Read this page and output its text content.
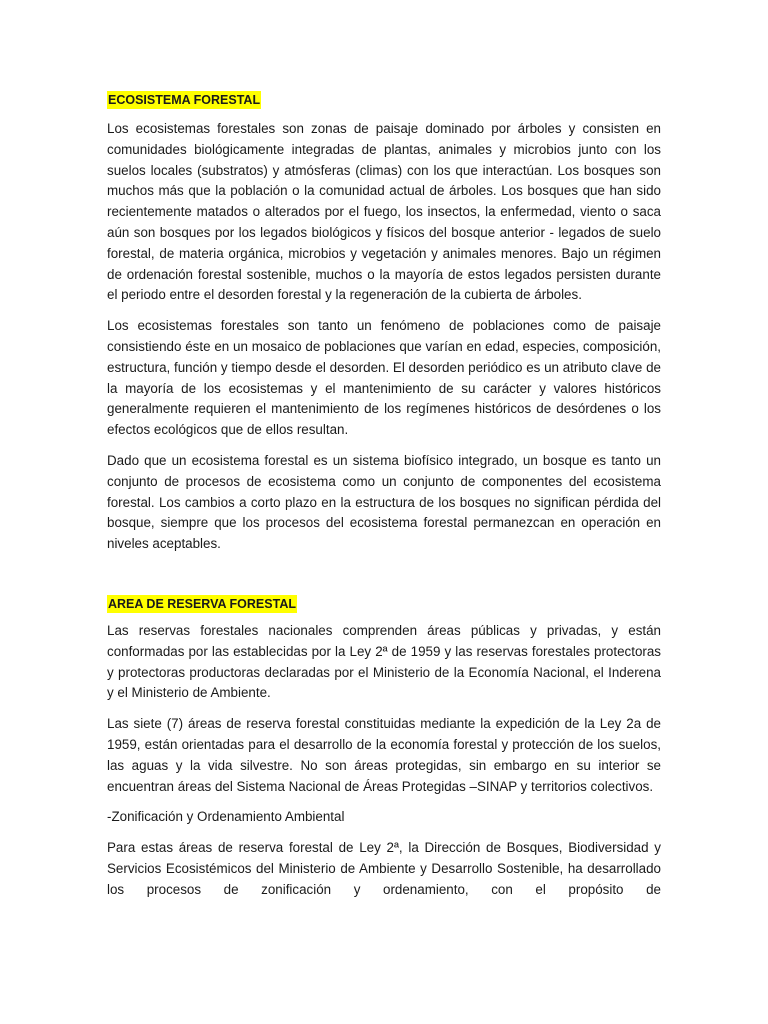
ECOSISTEMA FORESTAL

Los ecosistemas forestales son zonas de paisaje dominado por árboles y consisten en comunidades biológicamente integradas de plantas, animales y microbios junto con los suelos locales (substratos) y atmósferas (climas) con los que interactúan. Los bosques son muchos más que la población o la comunidad actual de árboles. Los bosques que han sido recientemente matados o alterados por el fuego, los insectos, la enfermedad, viento o saca aún son bosques por los legados biológicos y físicos del bosque anterior - legados de suelo forestal, de materia orgánica, microbios y vegetación y animales menores. Bajo un régimen de ordenación forestal sostenible, muchos o la mayoría de estos legados persisten durante el periodo entre el desorden forestal y la regeneración de la cubierta de árboles.

Los ecosistemas forestales son tanto un fenómeno de poblaciones como de paisaje consistiendo éste en un mosaico de poblaciones que varían en edad, especies, composición, estructura, función y tiempo desde el desorden. El desorden periódico es un atributo clave de la mayoría de los ecosistemas y el mantenimiento de su carácter y valores históricos generalmente requieren el mantenimiento de los regímenes históricos de desórdenes o los efectos ecológicos que de ellos resultan.

Dado que un ecosistema forestal es un sistema biofísico integrado, un bosque es tanto un conjunto de procesos de ecosistema como un conjunto de componentes del ecosistema forestal. Los cambios a corto plazo en la estructura de los bosques no significan pérdida del bosque, siempre que los procesos del ecosistema forestal permanezcan en operación en niveles aceptables.

AREA DE RESERVA FORESTAL

Las reservas forestales nacionales comprenden áreas públicas y privadas, y están conformadas por las establecidas por la Ley 2ª de 1959 y las reservas forestales protectoras y protectoras productoras declaradas por el Ministerio de la Economía Nacional, el Inderena y el Ministerio de Ambiente.

Las siete (7) áreas de reserva forestal constituidas mediante la expedición de la Ley 2a de 1959, están orientadas para el desarrollo de la economía forestal y protección de los suelos, las aguas y la vida silvestre. No son áreas protegidas, sin embargo en su interior se encuentran áreas del Sistema Nacional de Áreas Protegidas –SINAP y territorios colectivos.

-Zonificación y Ordenamiento Ambiental

Para estas áreas de reserva forestal de Ley 2ª, la Dirección de Bosques, Biodiversidad y Servicios Ecosistémicos del Ministerio de Ambiente y Desarrollo Sostenible, ha desarrollado los procesos de zonificación y ordenamiento, con el propósito de
